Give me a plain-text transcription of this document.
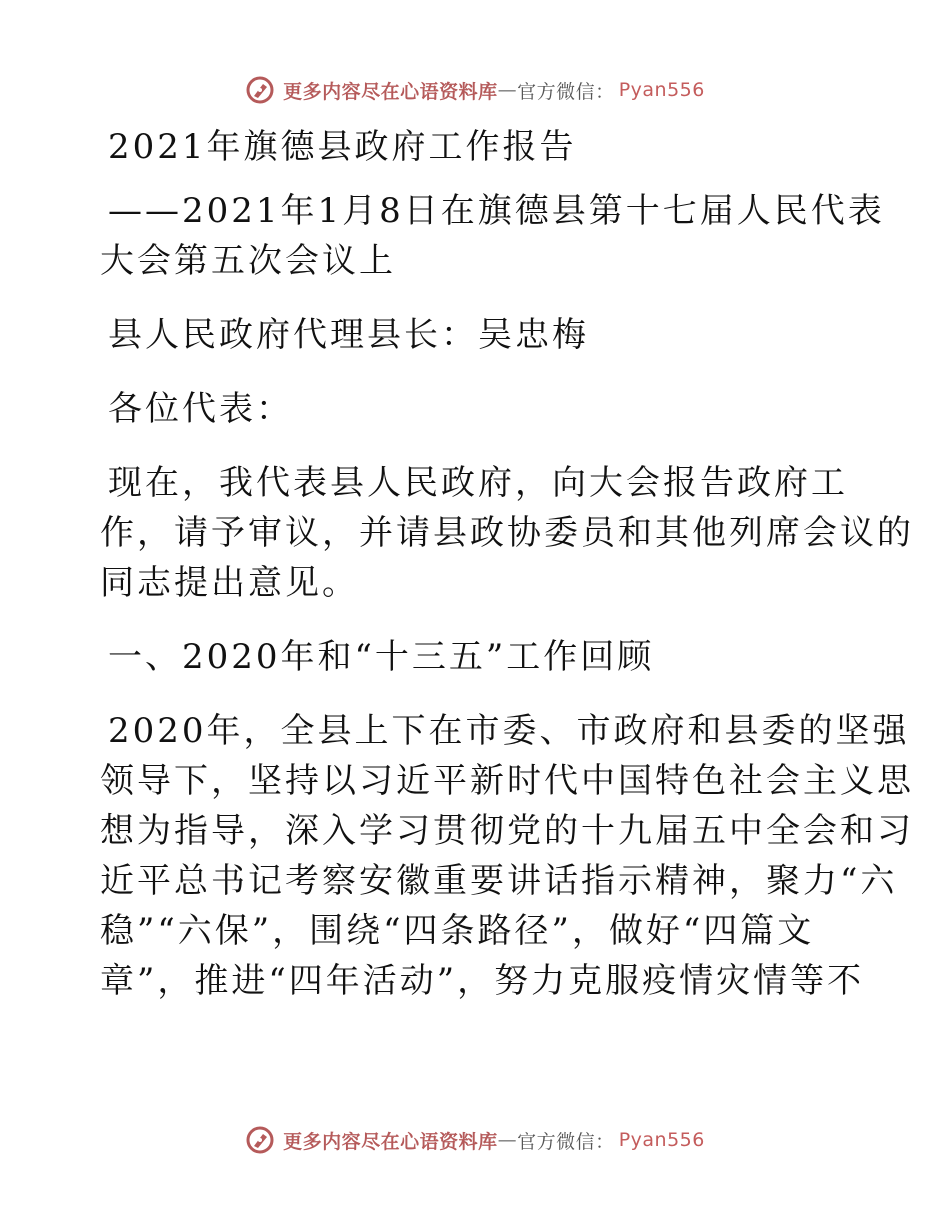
更多内容尽在心语资料库 — 官方微信： Pyan556
2021年旗德县政府工作报告
——2021年1月8日在旗德县第十七届人民代表
大会第五次会议上
县人民政府代理县长：吴忠梅
各位代表：
现在，我代表县人民政府，向大会报告政府工
作，请予审议，并请县政协委员和其他列席会议的
同志提出意见。
一、2020年和“十三五”工作回顾
2020年，全县上下在市委、市政府和县委的坚强
领导下，坚持以习近平新时代中国特色社会主义思
想为指导，深入学习贯彻党的十九届五中全会和习
近平总书记考察安徽重要讲话指示精神，聚力“六
稳”“六保”，围绕“四条路径”，做好“四篇文
章”，推进“四年活动”，努力克服疫情灾情等不
更多内容尽在心语资料库 — 官方微信： Pyan556
